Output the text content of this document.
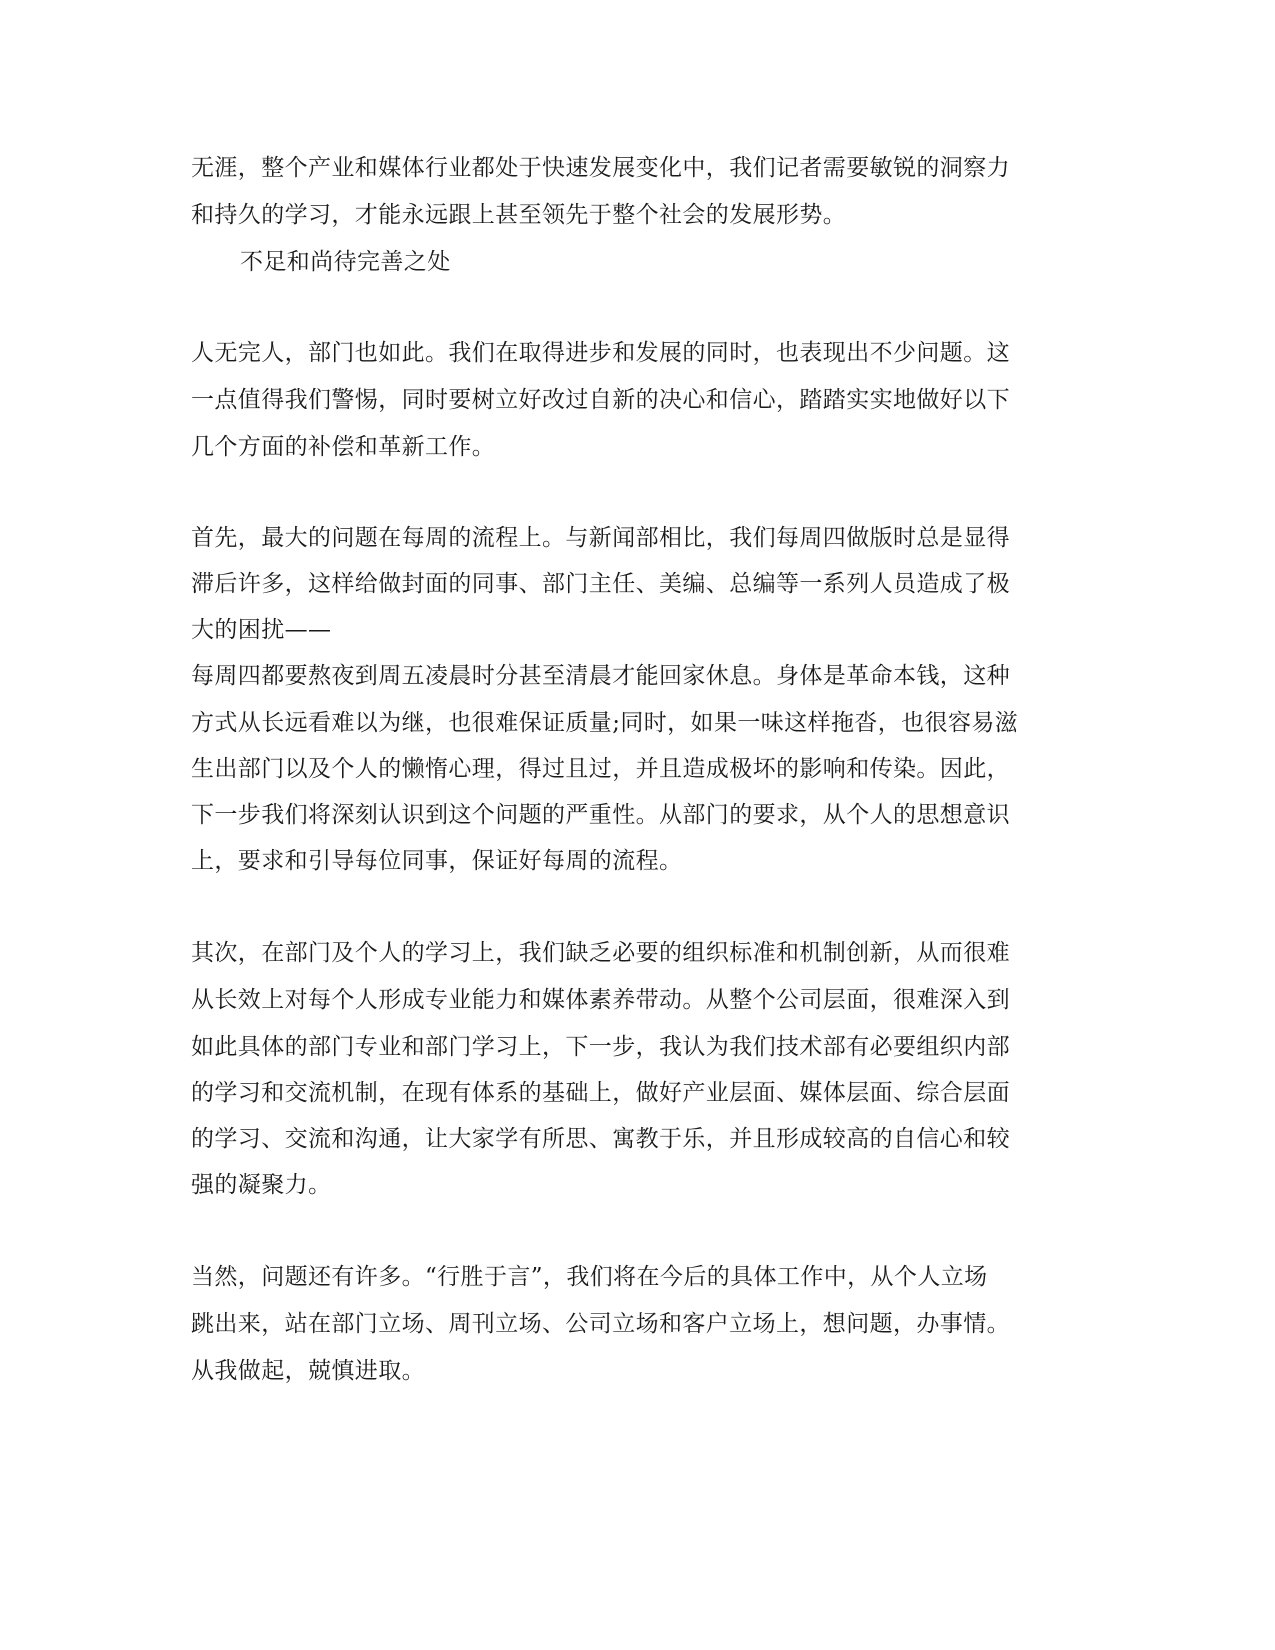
无涯，整个产业和媒体行业都处于快速发展变化中，我们记者需要敏锐的洞察力
和持久的学习，才能永远跟上甚至领先于整个社会的发展形势。
不足和尚待完善之处
人无完人，部门也如此。我们在取得进步和发展的同时，也表现出不少问题。这
一点值得我们警惕，同时要树立好改过自新的决心和信心，踏踏实实地做好以下
几个方面的补偿和革新工作。
首先，最大的问题在每周的流程上。与新闻部相比，我们每周四做版时总是显得
滞后许多，这样给做封面的同事、部门主任、美编、总编等一系列人员造成了极
大的困扰——
每周四都要熬夜到周五凌晨时分甚至清晨才能回家休息。身体是革命本钱，这种
方式从长远看难以为继，也很难保证质量;同时，如果一味这样拖沓，也很容易滋
生出部门以及个人的懒惰心理，得过且过，并且造成极坏的影响和传染。因此，
下一步我们将深刻认识到这个问题的严重性。从部门的要求，从个人的思想意识
上，要求和引导每位同事，保证好每周的流程。
其次，在部门及个人的学习上，我们缺乏必要的组织标准和机制创新，从而很难
从长效上对每个人形成专业能力和媒体素养带动。从整个公司层面，很难深入到
如此具体的部门专业和部门学习上，下一步，我认为我们技术部有必要组织内部
的学习和交流机制，在现有体系的基础上，做好产业层面、媒体层面、综合层面
的学习、交流和沟通，让大家学有所思、寓教于乐，并且形成较高的自信心和较
强的凝聚力。
当然，问题还有许多。“行胜于言”，我们将在今后的具体工作中，从个人立场
跳出来，站在部门立场、周刊立场、公司立场和客户立场上，想问题，办事情。
从我做起，兢慎进取。
